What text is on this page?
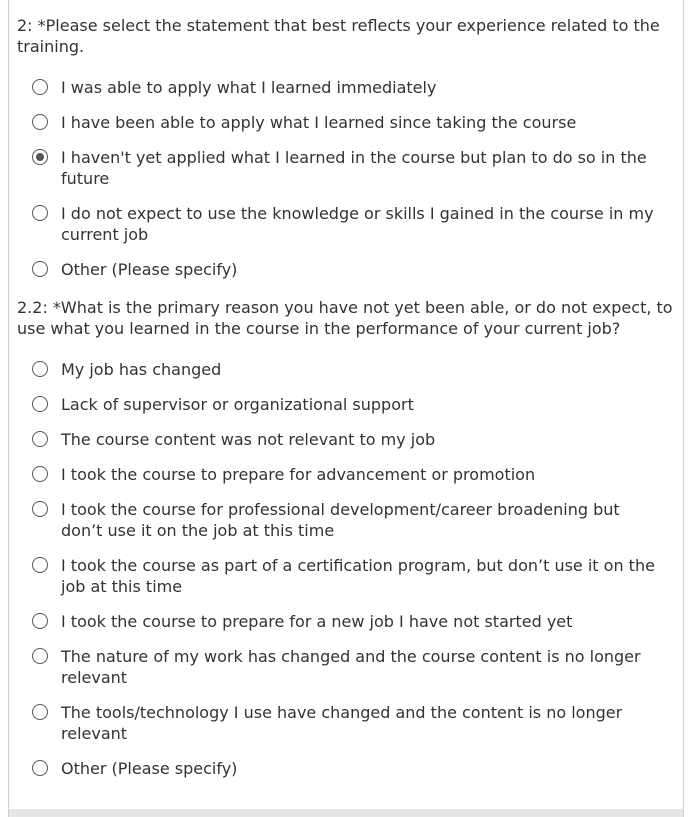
2: *Please select the statement that best reflects your experience related to the training.

I was able to apply what I learned immediately
I have been able to apply what I learned since taking the course
I haven't yet applied what I learned in the course but plan to do so in the future
I do not expect to use the knowledge or skills I gained in the course in my current job
Other (Please specify)

2.2: *What is the primary reason you have not yet been able, or do not expect, to use what you learned in the course in the performance of your current job?

My job has changed
Lack of supervisor or organizational support
The course content was not relevant to my job
I took the course to prepare for advancement or promotion
I took the course for professional development/career broadening but don’t use it on the job at this time
I took the course as part of a certification program, but don’t use it on the job at this time
I took the course to prepare for a new job I have not started yet
The nature of my work has changed and the course content is no longer relevant
The tools/technology I use have changed and the content is no longer relevant
Other (Please specify)
